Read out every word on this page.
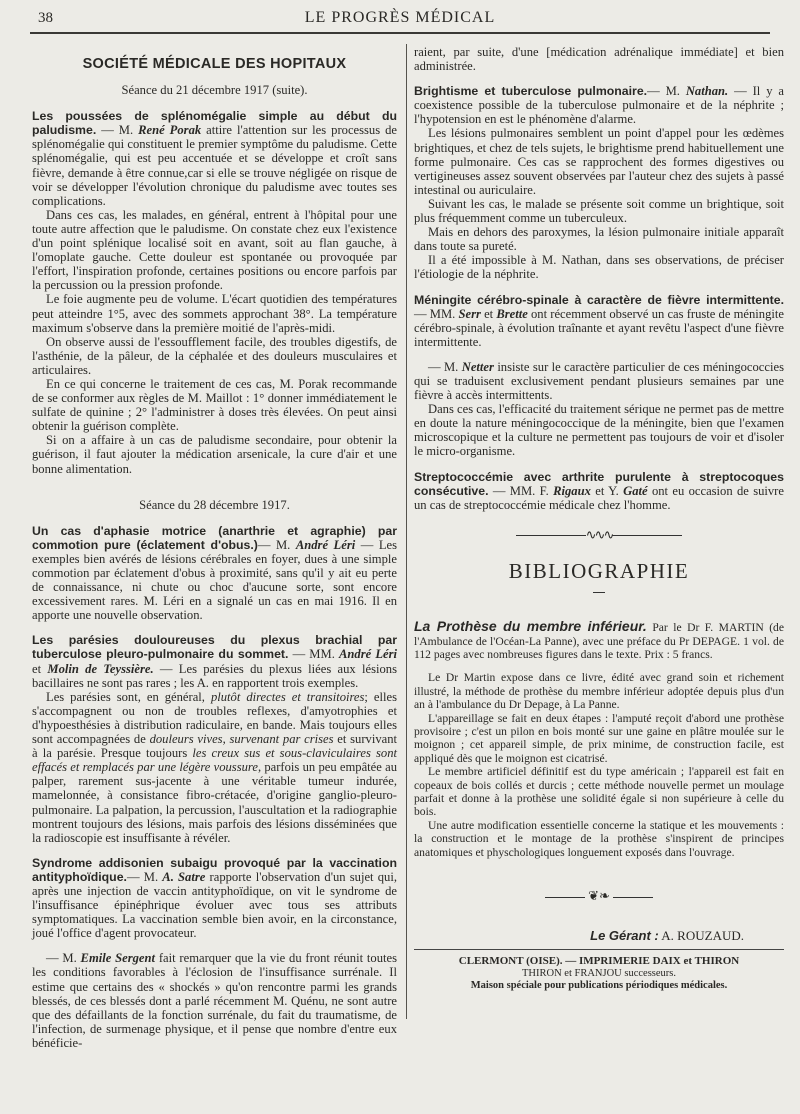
38	LE PROGRÈS MÉDICAL
SOCIÉTÉ MÉDICALE DES HOPITAUX
Séance du 21 décembre 1917 (suite).

Les poussées de splénomégalie simple au début du paludisme. — M. René Porak attire l'attention sur les processus de splénomégalie qui constituent le premier symptôme du paludisme. Cette splénomégalie, qui est peu accentuée et se développe et croît sans fièvre, demande à être connue,car si elle se trouve négligée on risque de voir se développer l'évolution chronique du paludisme avec toutes ses complications.

Dans ces cas, les malades, en général, entrent à l'hôpital pour une toute autre affection que le paludisme. On constate chez eux l'existence d'un point splénique localisé soit en avant, soit au flan gauche, à l'omoplate gauche. Cette douleur est spontanée ou provoquée par l'effort, l'inspiration profonde, certaines positions ou encore parfois par la percussion ou la pression profonde.

Le foie augmente peu de volume. L'écart quotidien des températures peut atteindre 1°5, avec des sommets approchant 38°. La température maximum s'observe dans la première moitié de l'après-midi.

On observe aussi de l'essoufflement facile, des troubles digestifs, de l'asthénie, de la pâleur, de la céphalée et des douleurs musculaires et articulaires.

En ce qui concerne le traitement de ces cas, M. Porak recommande de se conformer aux règles de M. Maillot : 1° donner immédiatement le sulfate de quinine ; 2° l'administrer à doses très élevées. On peut ainsi obtenir la guérison complète.

Si on a affaire à un cas de paludisme secondaire, pour obtenir la guérison, il faut ajouter la médication arsenicale, la cure d'air et une bonne alimentation.

Séance du 28 décembre 1917.

Un cas d'aphasie motrice (anarthrie et agraphie) par commotion pure (éclatement d'obus.)— M. André Léri — Les exemples bien avérés de lésions cérébrales en foyer, dues à une simple commotion par éclatement d'obus à proximité, sans qu'il y ait eu perte de connaissance, ni chute ou choc d'aucune sorte, sont encore excessivement rares. M. Léri en a signalé un cas en mai 1916. Il en apporte une nouvelle observation.

Les parésies douloureuses du plexus brachial par tuberculose pleuro-pulmonaire du sommet. — MM. André Léri et Molin de Teyssière. — Les parésies du plexus liées aux lésions bacillaires ne sont pas rares ; les A. en rapportent trois exemples.

Les parésies sont, en général, plutôt directes et transitoires; elles s'accompagnent ou non de troubles reflexes, d'amyotrophies et d'hypoesthésies à distribution radiculaire, en bande. Mais toujours elles sont accompagnées de douleurs vives, survenant par crises et survivant à la parésie. Presque toujours les creux sus et sous-claviculaires sont effacés et remplacés par une légère voussure, parfois un peu empâtée au palper, rarement sus-jacente à une véritable tumeur indurée, mamelonnée, à consistance fibro-crétacée, d'origine ganglio-pleuro-pulmonaire. La palpation, la percussion, l'auscultation et la radiographie montrent toujours des lésions, mais parfois des lésions disséminées que la radioscopie est insuffisante à révéler.

Syndrome addisonien subaigu provoqué par la vaccination antityphoïdique.— M. A. Satre rapporte l'observation d'un sujet qui, après une injection de vaccin antityphoïdique, on vit le syndrome de l'insuffisance épinéphrique évoluer avec tous ses attributs symptomatiques. La vaccination semble bien avoir, en la circonstance, joué l'office d'agent provocateur.

— M. Emile Sergent fait remarquer que la vie du front réunit toutes les conditions favorables à l'éclosion de l'insuffisance surrénale. Il estime que certains des « shockés » qu'on rencontre parmi les grands blessés, de ces blessés dont a parlé récemment M. Quénu, ne sont autre que des défaillants de la fonction surrénale, du fait du traumatisme, de l'infection, de surmenage physique, et il pense que nombre d'entre eux bénéficie-

raient, par suite, d'une [médication adrénalique immédiate] et bien administrée.

Brightisme et tuberculose pulmonaire.— M. Nathan. — Il y a coexistence possible de la tuberculose pulmonaire et de la néphrite ; l'hypotension en est le phénomène d'alarme.

Les lésions pulmonaires semblent un point d'appel pour les œdèmes brightiques, et chez de tels sujets, le brightisme prend habituellement une forme pulmonaire. Ces cas se rapprochent des formes digestives ou vertigineuses assez souvent observées par l'auteur chez des sujets à passé intestinal ou auriculaire.

Suivant les cas, le malade se présente soit comme un brightique, soit plus fréquemment comme un tuberculeux.

Mais en dehors des paroxymes, la lésion pulmonaire initiale apparaît dans toute sa pureté.

Il a été impossible à M. Nathan, dans ses observations, de préciser l'étiologie de la néphrite.

Méningite cérébro-spinale à caractère de fièvre intermittente. — MM. Serr et Brette ont récemment observé un cas fruste de méningite cérébro-spinale, à évolution traînante et ayant revêtu l'aspect d'une fièvre intermittente.

— M. Netter insiste sur le caractère particulier de ces méningococcies qui se traduisent exclusivement pendant plusieurs semaines par une fièvre à accès intermittents.

Dans ces cas, l'efficacité du traitement sérique ne permet pas de mettre en doute la nature méningococcique de la méningite, bien que l'examen microscopique et la culture ne permettent pas toujours de voir et d'isoler le micro-organisme.

Streptococcémie avec arthrite purulente à streptocoques consécutive. — MM. F. Rigaux et Y. Gaté ont eu occasion de suivre un cas de streptococcémie médicale chez l'homme.

∿∿∿
BIBLIOGRAPHIE

La Prothèse du membre inférieur. Par le Dr F. MARTIN (de l'Ambulance de l'Océan-La Panne), avec une préface du Pr DEPAGE. 1 vol. de 112 pages avec nombreuses figures dans le texte. Prix : 5 francs.

Le Dr Martin expose dans ce livre, édité avec grand soin et richement illustré, la méthode de prothèse du membre inférieur adoptée depuis plus d'un an à l'ambulance du Dr Depage, à La Panne.

L'appareillage se fait en deux étapes : l'amputé reçoit d'abord une prothèse provisoire ; c'est un pilon en bois monté sur une gaine en plâtre moulée sur le moignon ; cet appareil simple, de prix minime, de construction facile, est appliqué dès que le moignon est cicatrisé.

Le membre artificiel définitif est du type américain ; l'appareil est fait en copeaux de bois collés et durcis ; cette méthode nouvelle permet un moulage parfait et donne à la prothèse une solidité égale si non supérieure à celle du bois.

Une autre modification essentielle concerne la statique et les mouvements : la construction et le montage de la prothèse s'inspirent de principes anatomiques et physchologiques longuement exposés dans l'ouvrage.

❦❧
Le Gérant : A. ROUZAUD.
CLERMONT (OISE). — IMPRIMERIE DAIX et THIRON
THIRON et FRANJOU successeurs.
Maison spéciale pour publications périodiques médicales.
